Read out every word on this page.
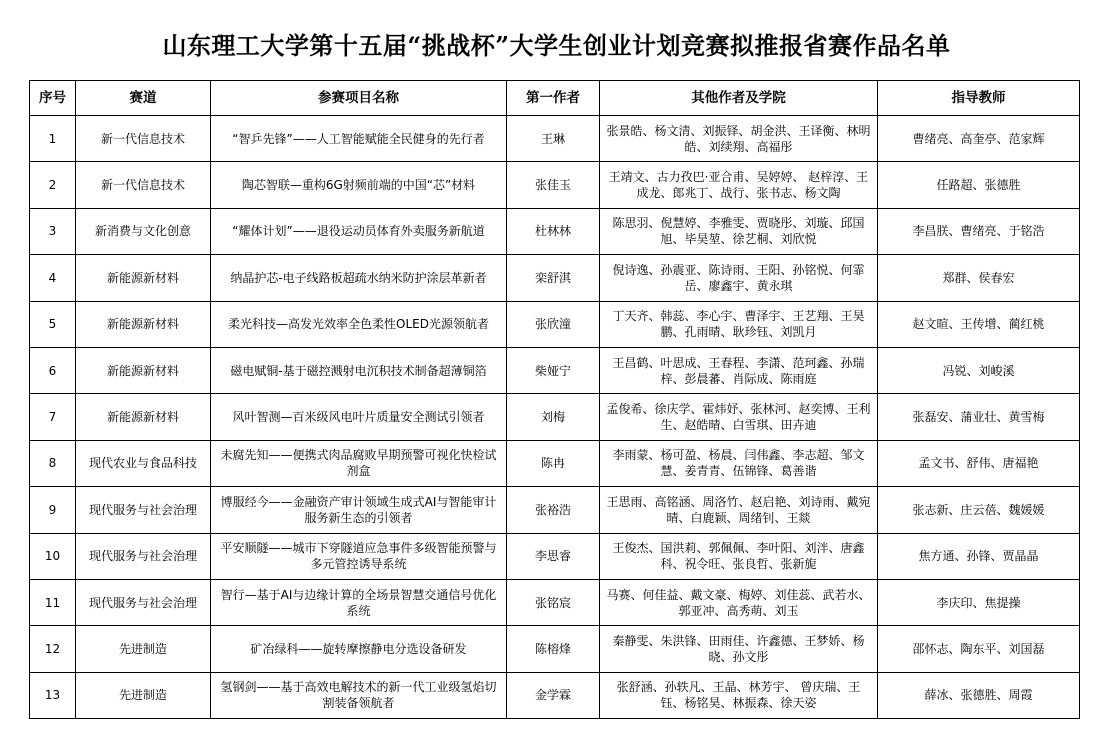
山东理工大学第十五届“挑战杯”大学生创业计划竞赛拟推报省赛作品名单
序号	赛道	参赛项目名称	第一作者	其他作者及学院	指导教师
1	新一代信息技术	“智乒先锋”——人工智能赋能全民健身的先行者	王琳	张景皓、杨文清、刘振铎、胡金洪、王译衡、林明皓、刘续翔、高福彤	曹绪亮、高奎亭、范家辉
2	新一代信息技术	陶芯智联—重构6G射频前端的中国“芯”材料	张佳玉	王靖文、古力孜巴·亚合甫、吴婷婷、 赵梓淳、王成龙、郎兆丁、战行、张书志、杨文陶	任路超、张德胜
3	新消费与文化创意	“耀体计划”——退役运动员体育外卖服务新航道	杜林林	陈思羽、倪慧婷、李雅雯、贾晓彤、刘璇、邱国旭、毕昊堃、徐艺桐、刘欣悦	李昌朕、曹绪亮、于铭浩
4	新能源新材料	纳晶护芯-电子线路板超疏水纳米防护涂层革新者	栾舒淇	倪诗逸、孙震亚、陈诗雨、王阳、孙铭悦、何霏岳、廖鑫宇、黄永琪	郑群、侯春宏
5	新能源新材料	柔光科技—高发光效率全色柔性OLED光源领航者	张欣潼	丁天齐、韩蕊、李心宇、曹泽宇、王艺翔、王昊鹏、孔雨晴、耿珍钰、刘凯月	赵文暄、王传增、蔺红桃
6	新能源新材料	磁电赋铜-基于磁控溅射电沉积技术制备超薄铜箔	柴娅宁	王昌鹤、叶思成、王春程、李潇、范珂鑫、孙瑞梓、彭晨蕃、肖际成、陈雨庭	冯锐、刘峻溪
7	新能源新材料	风叶智测—百米级风电叶片质量安全测试引领者	刘梅	孟俊希、徐庆学、霍炜妤、张林河、赵奕博、王利生、赵皓晴、白雪琪、田卉迪	张磊安、蒲业壮、黄雪梅
8	现代农业与食品科技	未腐先知——便携式肉品腐败早期预警可视化快检试剂盒	陈冉	李雨蒙、杨可盈、杨晨、闫伟鑫、李志超、邹文慧、姜青青、伍锦锋、葛善谐	孟文书、舒伟、唐福艳
9	现代服务与社会治理	博服经今——金融资产审计领域生成式AI与智能审计服务新生态的引领者	张裕浩	王思雨、高铭涵、周洛竹、赵启艳、刘诗雨、戴宛晴、白鹿颖、周绪钊、王燚	张志新、庄云蓓、魏媛媛
10	现代服务与社会治理	平安顺隧——城市下穿隧道应急事件多级智能预警与多元管控诱导系统	李思睿	王俊杰、国洪莉、郭佩佩、李叶阳、刘泮、唐鑫科、祝令旺、张良哲、张新旎	焦方通、孙锋、贾晶晶
11	现代服务与社会治理	智行—基于AI与边缘计算的全场景智慧交通信号优化系统	张铭宸	马赛、何佳益、戴文豪、梅婷、刘佳蕊、武若水、郭亚冲、高秀萌、刘玉	李庆印、焦提操
12	先进制造	矿冶绿科——旋转摩擦静电分选设备研发	陈榕烽	秦静雯、朱洪锋、田雨佳、许鑫德、王梦娇、杨晓、孙文彤	邵怀志、陶东平、刘国磊
13	先进制造	氢钢剑——基于高效电解技术的新一代工业级氢焰切割装备领航者	金学霖	张舒涵、孙轶凡、王晶、林芳宇、 曾庆瑞、王钰、杨铭昊、林振森、徐天姿	薛冰、张德胜、周霞
